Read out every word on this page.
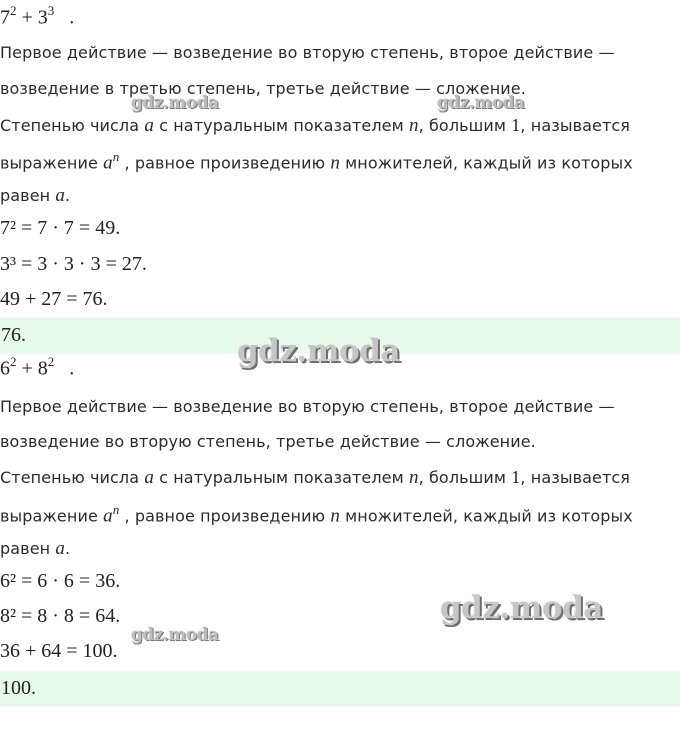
$7^2 + 3^3$ .
Первое действие — возведение во вторую степень, второе действие —
возведение в третью степень, третье действие — сложение.
Степенью числа a с натуральным показателем n, большим 1, называется
выражение $a^n$ , равное произведению n множителей, каждый из которых
равен a.
7² = 7 · 7 = 49.
3³ = 3 · 3 · 3 = 27.
49 + 27 = 76.
76.
$6^2 + 8^2$ .
Первое действие — возведение во вторую степень, второе действие —
возведение во вторую степень, третье действие — сложение.
Степенью числа a с натуральным показателем n, большим 1, называется
выражение $a^n$ , равное произведению n множителей, каждый из которых
равен a.
6² = 6 · 6 = 36.
8² = 8 · 8 = 64.
36 + 64 = 100.
100.
gdz.moda	gdz.moda
gdz.moda
gdz.moda
gdz.moda
